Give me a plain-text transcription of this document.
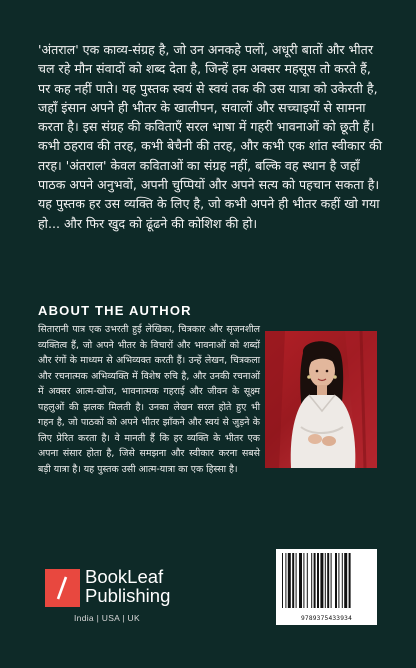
'अंतराल' एक काव्य-संग्रह है, जो उन अनकहे पलों, अधूरी बातों और भीतर चल रहे मौन संवादों को शब्द देता है, जिन्हें हम अक्सर महसूस तो करते हैं, पर कह नहीं पाते। यह पुस्तक स्वयं से स्वयं तक की उस यात्रा को उकेरती है, जहाँ इंसान अपने ही भीतर के खालीपन, सवालों और सच्चाइयों से सामना करता है। इस संग्रह की कविताएँ सरल भाषा में गहरी भावनाओं को छूती हैं। कभी ठहराव की तरह, कभी बेचैनी की तरह, और कभी एक शांत स्वीकार की तरह। 'अंतराल' केवल कविताओं का संग्रह नहीं, बल्कि वह स्थान है जहाँ पाठक अपने अनुभवों, अपनी चुप्पियों और अपने सत्य को पहचान सकता है। यह पुस्तक हर उस व्यक्ति के लिए है, जो कभी अपने ही भीतर कहीं खो गया हो... और फिर खुद को ढूंढने की कोशिश की हो।
ABOUT THE AUTHOR
सितारानी पात्र एक उभरती हुई लेखिका, चित्रकार और सृजनशील व्यक्तित्व हैं, जो अपने भीतर के विचारों और भावनाओं को शब्दों और रंगों के माध्यम से अभिव्यक्त करती हैं। उन्हें लेखन, चित्रकला और रचनात्मक अभिव्यक्ति में विशेष रुचि है, और उनकी रचनाओं में अक्सर आत्म-खोज, भावनात्मक गहराई और जीवन के सूक्ष्म पहलुओं की झलक मिलती है। उनका लेखन सरल होते हुए भी गहन है, जो पाठकों को अपने भीतर झाँकने और स्वयं से जुड़ने के लिए प्रेरित करता है। वे मानती हैं कि हर व्यक्ति के भीतर एक अपना संसार होता है, जिसे समझना और स्वीकार करना सबसे बड़ी यात्रा है। यह पुस्तक उसी आत्म-यात्रा का एक हिस्सा है।
BookLeaf
Publishing
India | USA | UK	9789375433934
